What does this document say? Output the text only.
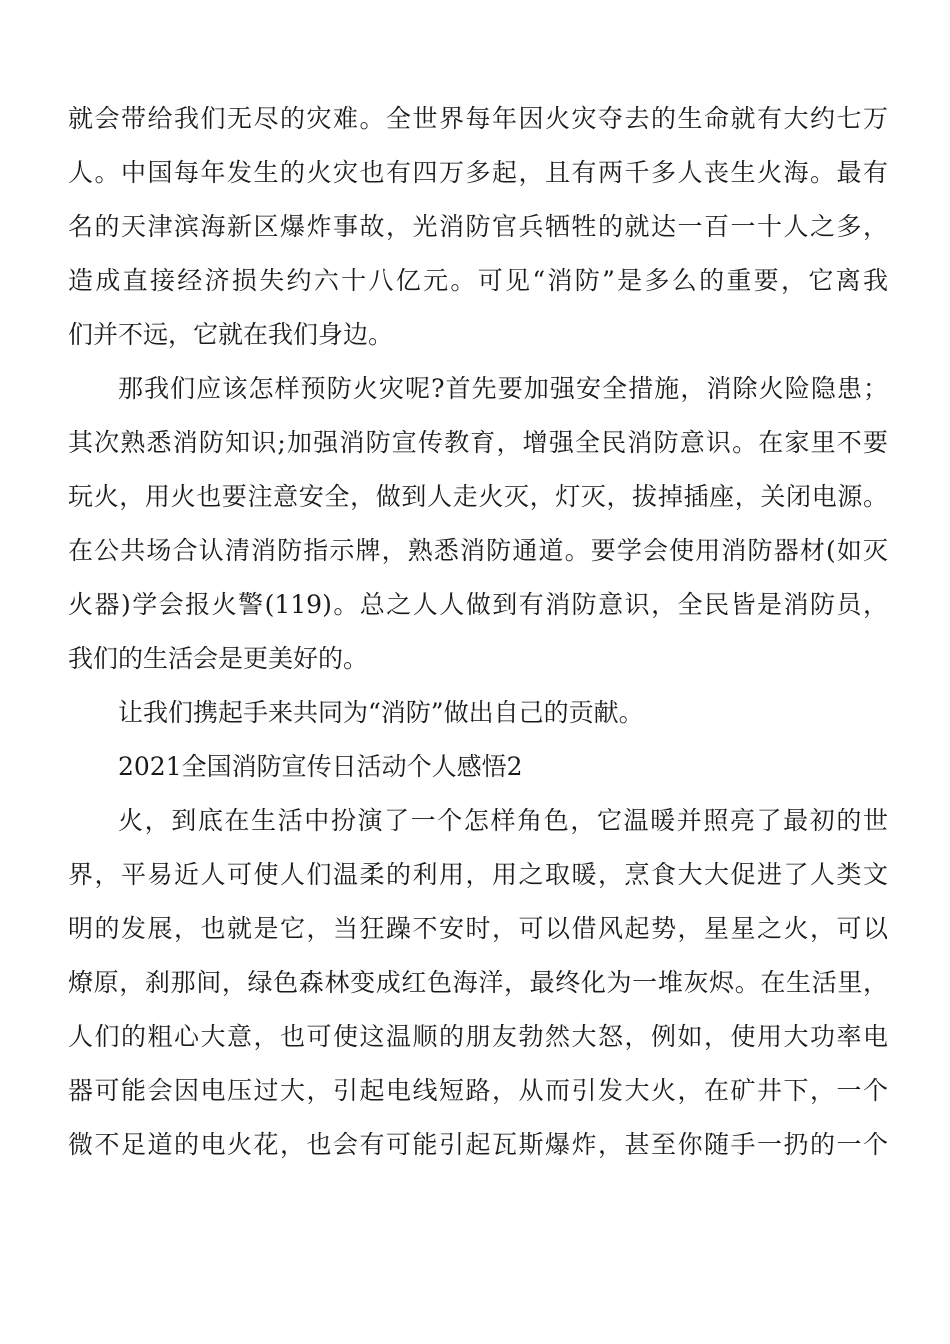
就会带给我们无尽的灾难。全世界每年因火灾夺去的生命就有大约七万
人。中国每年发生的火灾也有四万多起，且有两千多人丧生火海。最有
名的天津滨海新区爆炸事故，光消防官兵牺牲的就达一百一十人之多，
造成直接经济损失约六十八亿元。可见“消防”是多么的重要，它离我
们并不远，它就在我们身边。
那我们应该怎样预防火灾呢?首先要加强安全措施，消除火险隐患；
其次熟悉消防知识;加强消防宣传教育，增强全民消防意识。在家里不要
玩火，用火也要注意安全，做到人走火灭，灯灭，拔掉插座，关闭电源。
在公共场合认清消防指示牌，熟悉消防通道。要学会使用消防器材(如灭
火器)学会报火警(119)。总之人人做到有消防意识，全民皆是消防员，
我们的生活会是更美好的。
让我们携起手来共同为“消防”做出自己的贡献。
2021全国消防宣传日活动个人感悟2
火，到底在生活中扮演了一个怎样角色，它温暖并照亮了最初的世
界，平易近人可使人们温柔的利用，用之取暖，烹食大大促进了人类文
明的发展，也就是它，当狂躁不安时，可以借风起势，星星之火，可以
燎原，刹那间，绿色森林变成红色海洋，最终化为一堆灰烬。在生活里，
人们的粗心大意，也可使这温顺的朋友勃然大怒，例如，使用大功率电
器可能会因电压过大，引起电线短路，从而引发大火，在矿井下，一个
微不足道的电火花，也会有可能引起瓦斯爆炸，甚至你随手一扔的一个
